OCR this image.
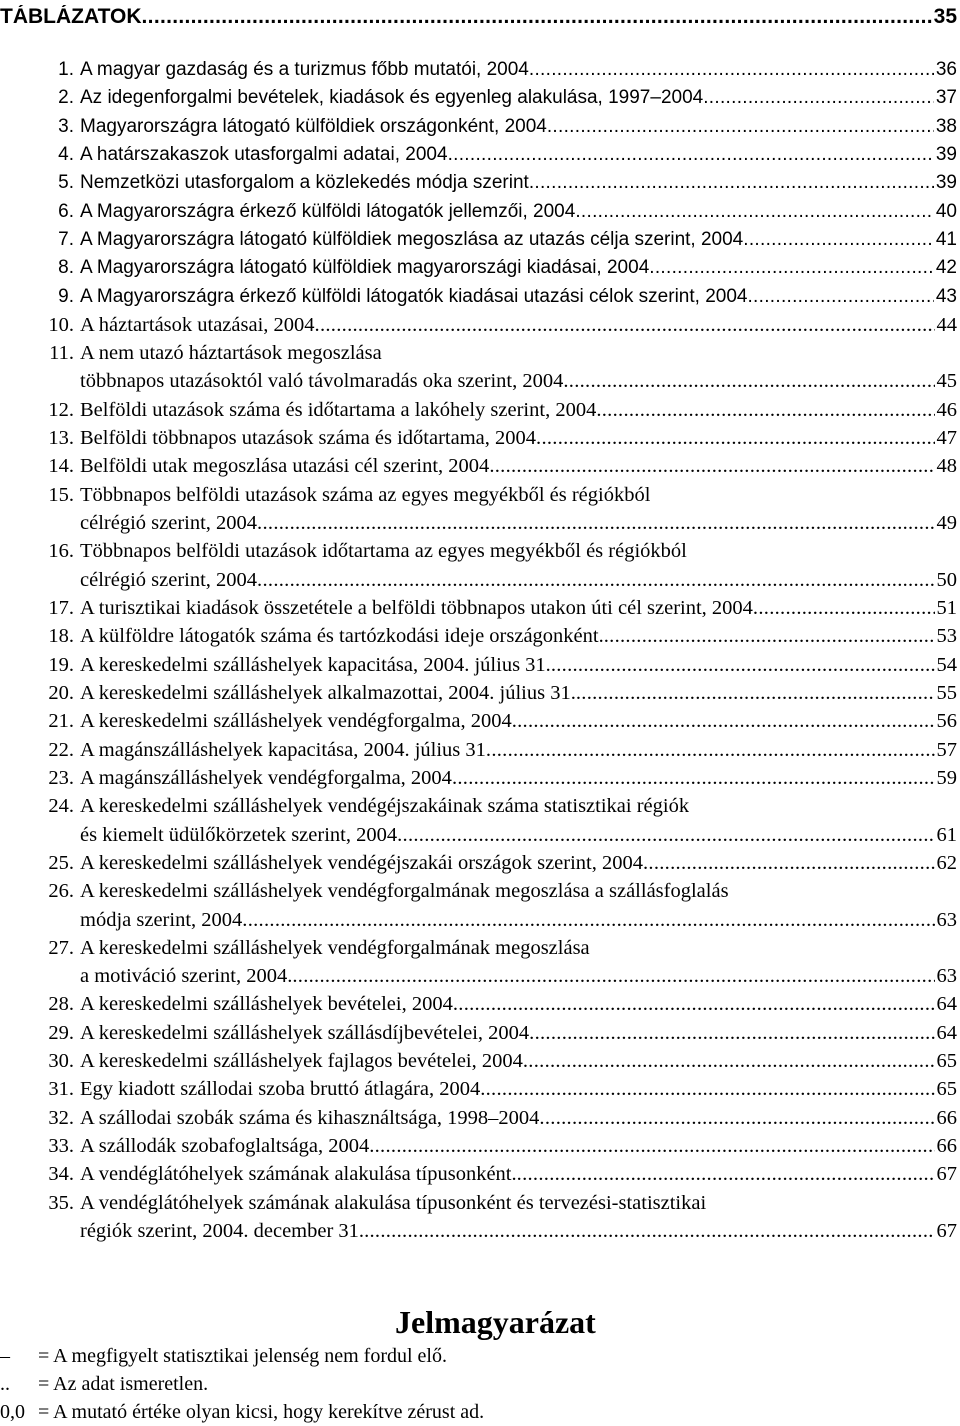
TÁBLÁZATOK .....	35
1. A magyar gazdaság és a turizmus főbb mutatói, 2004 .....	36
2. Az idegenforgalmi bevételek, kiadások és egyenleg alakulása, 1997–2004 .....	37
3. Magyarországra látogató külföldiek országonként, 2004 .....	38
4. A határszakaszok utasforgalmi adatai, 2004 .....	39
5. Nemzetközi utasforgalom a közlekedés módja szerint .....	39
6. A Magyarországra érkező külföldi látogatók jellemzői, 2004 .....	40
7. A Magyarországra látogató külföldiek megoszlása az utazás célja szerint, 2004 .....	41
8. A Magyarországra látogató külföldiek magyarországi kiadásai, 2004 .....	42
9. A Magyarországra érkező külföldi látogatók kiadásai utazási célok szerint, 2004 .....	43
10. A háztartások utazásai, 2004 .....	44
11. A nem utazó háztartások megoszlása
többnapos utazásoktól való távolmaradás oka szerint, 2004 .....	45
12. Belföldi utazások száma és időtartama a lakóhely szerint, 2004 .....	46
13. Belföldi többnapos utazások száma és időtartama, 2004 .....	47
14. Belföldi utak megoszlása utazási cél szerint, 2004 .....	48
15. Többnapos belföldi utazások száma az egyes megyékből és régiókból
célrégió szerint, 2004 .....	49
16. Többnapos belföldi utazások időtartama az egyes megyékből és régiókból
célrégió szerint, 2004 .....	50
17. A turisztikai kiadások összetétele a belföldi többnapos utakon úti cél szerint, 2004 .....	51
18. A külföldre látogatók száma és tartózkodási ideje országonként. .....	53
19. A kereskedelmi szálláshelyek kapacitása, 2004. július 31. .....	54
20. A kereskedelmi szálláshelyek alkalmazottai, 2004. július 31. .....	55
21. A kereskedelmi szálláshelyek vendégforgalma, 2004 .....	56
22. A magánszálláshelyek kapacitása, 2004. július 31 .....	57
23. A magánszálláshelyek vendégforgalma, 2004 .....	59
24. A kereskedelmi szálláshelyek vendégéjszakáinak száma statisztikai régiók
és kiemelt üdülőkörzetek szerint, 2004 .....	61
25. A kereskedelmi szálláshelyek vendégéjszakái országok szerint, 2004 .....	62
26. A kereskedelmi szálláshelyek vendégforgalmának megoszlása a szállásfoglalás
módja szerint, 2004 .....	63
27. A kereskedelmi szálláshelyek vendégforgalmának megoszlása
a motiváció szerint, 2004. .....	63
28. A kereskedelmi szálláshelyek bevételei, 2004 .....	64
29. A kereskedelmi szálláshelyek szállásdíjbevételei, 2004 .....	64
30. A kereskedelmi szálláshelyek fajlagos bevételei, 2004 .....	65
31. Egy kiadott szállodai szoba bruttó átlagára, 2004 .....	65
32. A szállodai szobák száma és kihasználtsága, 1998–2004 .....	66
33. A szállodák szobafoglaltsága, 2004 .....	66
34. A vendéglátóhelyek számának alakulása típusonként. .....	67
35. A vendéglátóhelyek számának alakulása típusonként és tervezési-statisztikai
régiók szerint, 2004. december 31. .....	67
Jelmagyarázat
–	= A megfigyelt statisztikai jelenség nem fordul elő.
..	= Az adat ismeretlen.
0,0 = A mutató értéke olyan kicsi, hogy kerekítve zérust ad.
